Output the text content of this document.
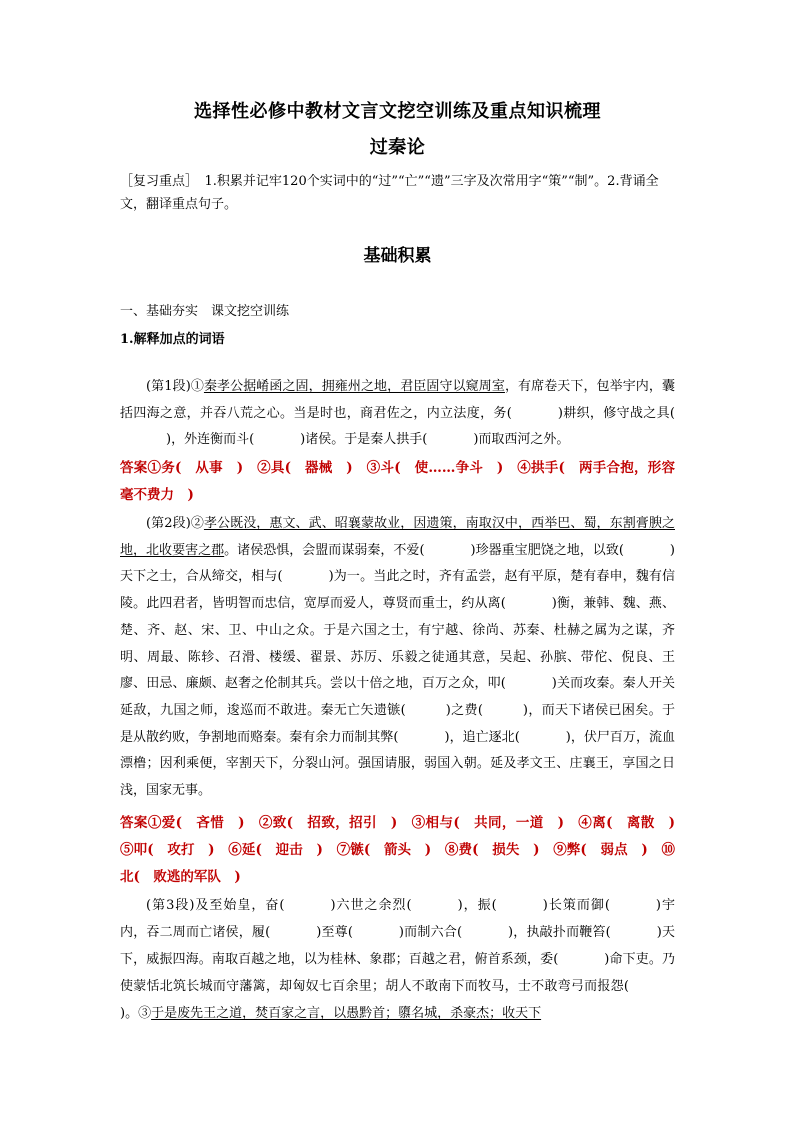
选择性必修中教材文言文挖空训练及重点知识梳理
过秦论
［复习重点］　1.积累并记牢120个实词中的“过”“亡”“遗”三字及次常用字“策”“制”。2.背诵全文，翻译重点句子。
基础积累
一、基础夯实　课文挖空训练
1.解释加点的词语

(第1段)①秦孝公据崤函之固，拥雍州之地，君臣固守以窥周室，有席卷天下，包举宇内，囊括四海之意，并吞八荒之心。当是时也，商君佐之，内立法度，务(	)耕织，修守战之具()，外连衡而斗(	)诸侯。于是秦人拱手(	)而取西河之外。

答案①务(　从事　)　②具(　器械　)　③斗(　使……争斗　)　④拱手(　两手合抱，形容毫不费力　)

(第2段)②孝公既没，惠文、武、昭襄蒙故业，因遗策，南取汉中，西举巴、蜀，东割膏腴之地，北收要害之郡。诸侯恐惧，会盟而谋弱秦，不爱(	)珍器重宝肥饶之地，以致(	)天下之士，合从缔交，相与(	)为一。当此之时，齐有孟尝，赵有平原，楚有春申，魏有信陵。此四君者，皆明智而忠信，宽厚而爱人，尊贤而重士，约从离(	)衡，兼韩、魏、燕、楚、齐、赵、宋、卫、中山之众。于是六国之士，有宁越、徐尚、苏秦、杜赫之属为之谋，齐明、周最、陈轸、召滑、楼缓、翟景、苏厉、乐毅之徒通其意，吴起、孙膑、带佗、倪良、王廖、田忌、廉颇、赵奢之伦制其兵。尝以十倍之地，百万之众，叩(	)关而攻秦。秦人开关延敌，九国之师，逡巡而不敢进。秦无亡矢遗镞(	)之费(	)，而天下诸侯已困矣。于是从散约败，争割地而赂秦。秦有余力而制其弊(	)，追亡逐北(	)，伏尸百万，流血漂橹；因利乘便，宰割天下，分裂山河。强国请服，弱国入朝。延及孝文王、庄襄王，享国之日浅，国家无事。

答案①爱(　吝惜　)　②致(　招致，招引　)　③相与(　共同，一道　)　④离(　离散　)　⑤叩(　攻打　)　⑥延(　迎击　)　⑦镞(　箭头　)　⑧费(　损失　)　⑨弊(　弱点　)　⑩北(　败逃的军队　)

(第3段)及至始皇，奋(	)六世之余烈(	)，振(	)长策而御(	)宇内，吞二周而亡诸侯，履(	)至尊(	)而制六合(	)，执敲扑而鞭笞(	)天下，威振四海。南取百越之地，以为桂林、象郡；百越之君，俯首系颈，委(	)命下吏。乃使蒙恬北筑长城而守藩篱，却匈奴七百余里；胡人不敢南下而牧马，士不敢弯弓而报怨()。③于是废先王之道，焚百家之言，以愚黔首；隳名城，杀豪杰；收天下
